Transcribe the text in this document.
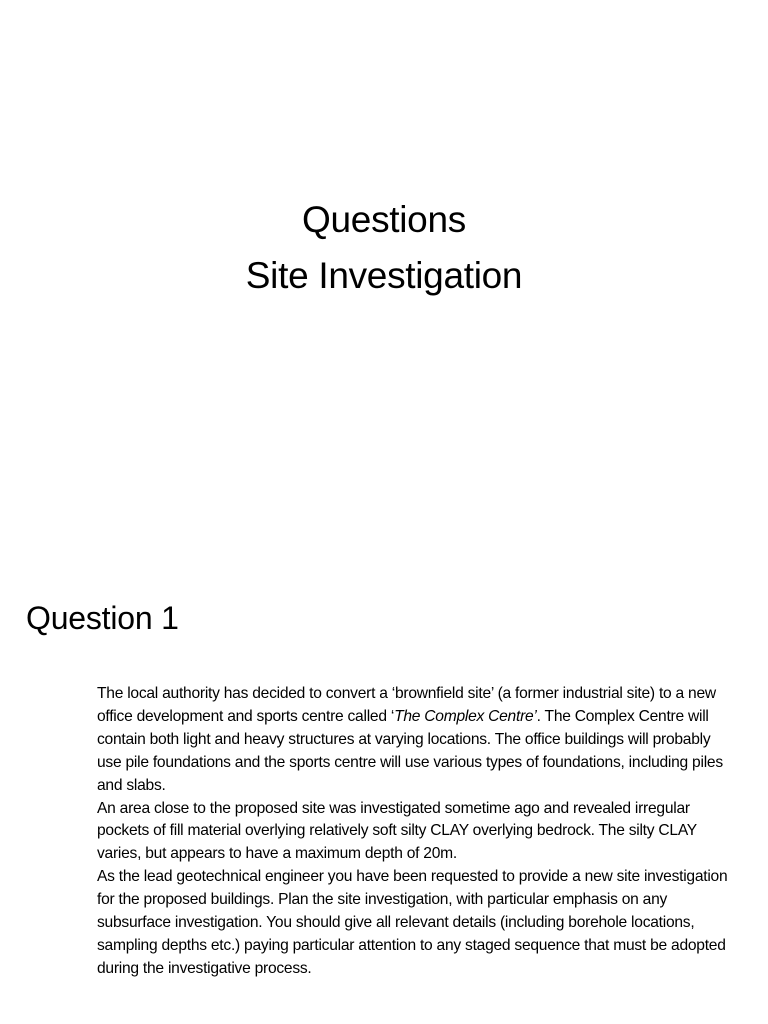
Questions
Site Investigation
Question 1
The local authority has decided to convert a ‘brownfield site’ (a former industrial site) to a new office development and sports centre called ‘The Complex Centre’. The Complex Centre will contain both light and heavy structures at varying locations. The office buildings will probably use pile foundations and the sports centre will use various types of foundations, including piles and slabs.
An area close to the proposed site was investigated sometime ago and revealed irregular pockets of fill material overlying relatively soft silty CLAY overlying bedrock. The silty CLAY varies, but appears to have a maximum depth of 20m.
As the lead geotechnical engineer you have been requested to provide a new site investigation for the proposed buildings. Plan the site investigation, with particular emphasis on any subsurface investigation. You should give all relevant details (including borehole locations, sampling depths etc.) paying particular attention to any staged sequence that must be adopted during the investigative process.
